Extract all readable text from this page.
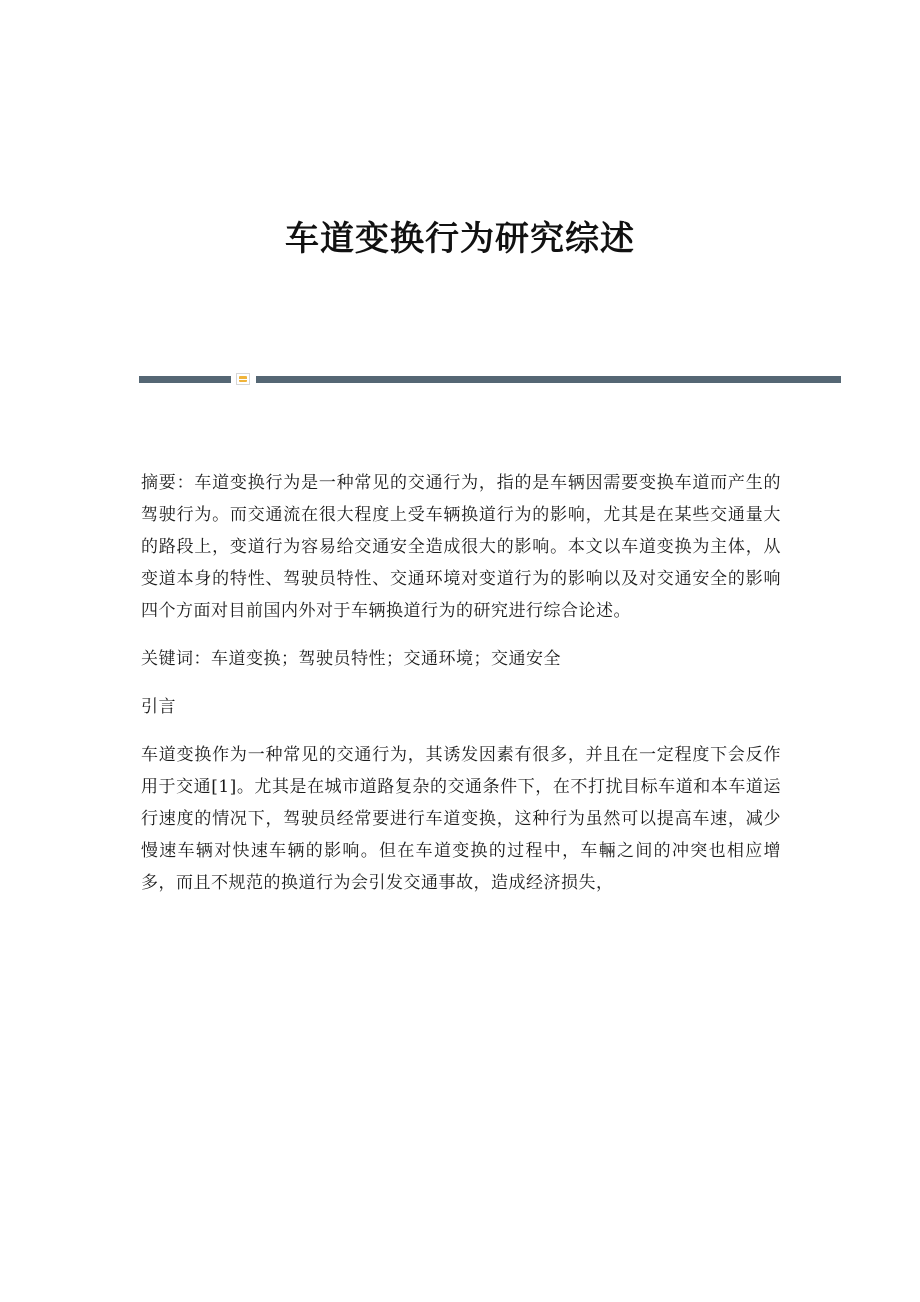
车道变换行为研究综述

摘要：车道变换行为是一种常见的交通行为，指的是车辆因需要变换车道而产生的驾驶行为。而交通流在很大程度上受车辆换道行为的影响，尤其是在某些交通量大的路段上，变道行为容易给交通安全造成很大的影响。本文以车道变换为主体，从变道本身的特性、驾驶员特性、交通环境对变道行为的影响以及对交通安全的影响四个方面对目前国内外对于车辆换道行为的研究进行综合论述。

关键词：车道变换；驾驶员特性；交通环境；交通安全

引言

车道变换作为一种常见的交通行为，其诱发因素有很多，并且在一定程度下会反作用于交通[1]。尤其是在城市道路复杂的交通条件下，在不打扰目标车道和本车道运行速度的情况下，驾驶员经常要进行车道变换，这种行为虽然可以提高车速，减少慢速车辆对快速车辆的影响。但在车道变换的过程中，车輛之间的冲突也相应增多，而且不规范的换道行为会引发交通事故，造成经济损失，
